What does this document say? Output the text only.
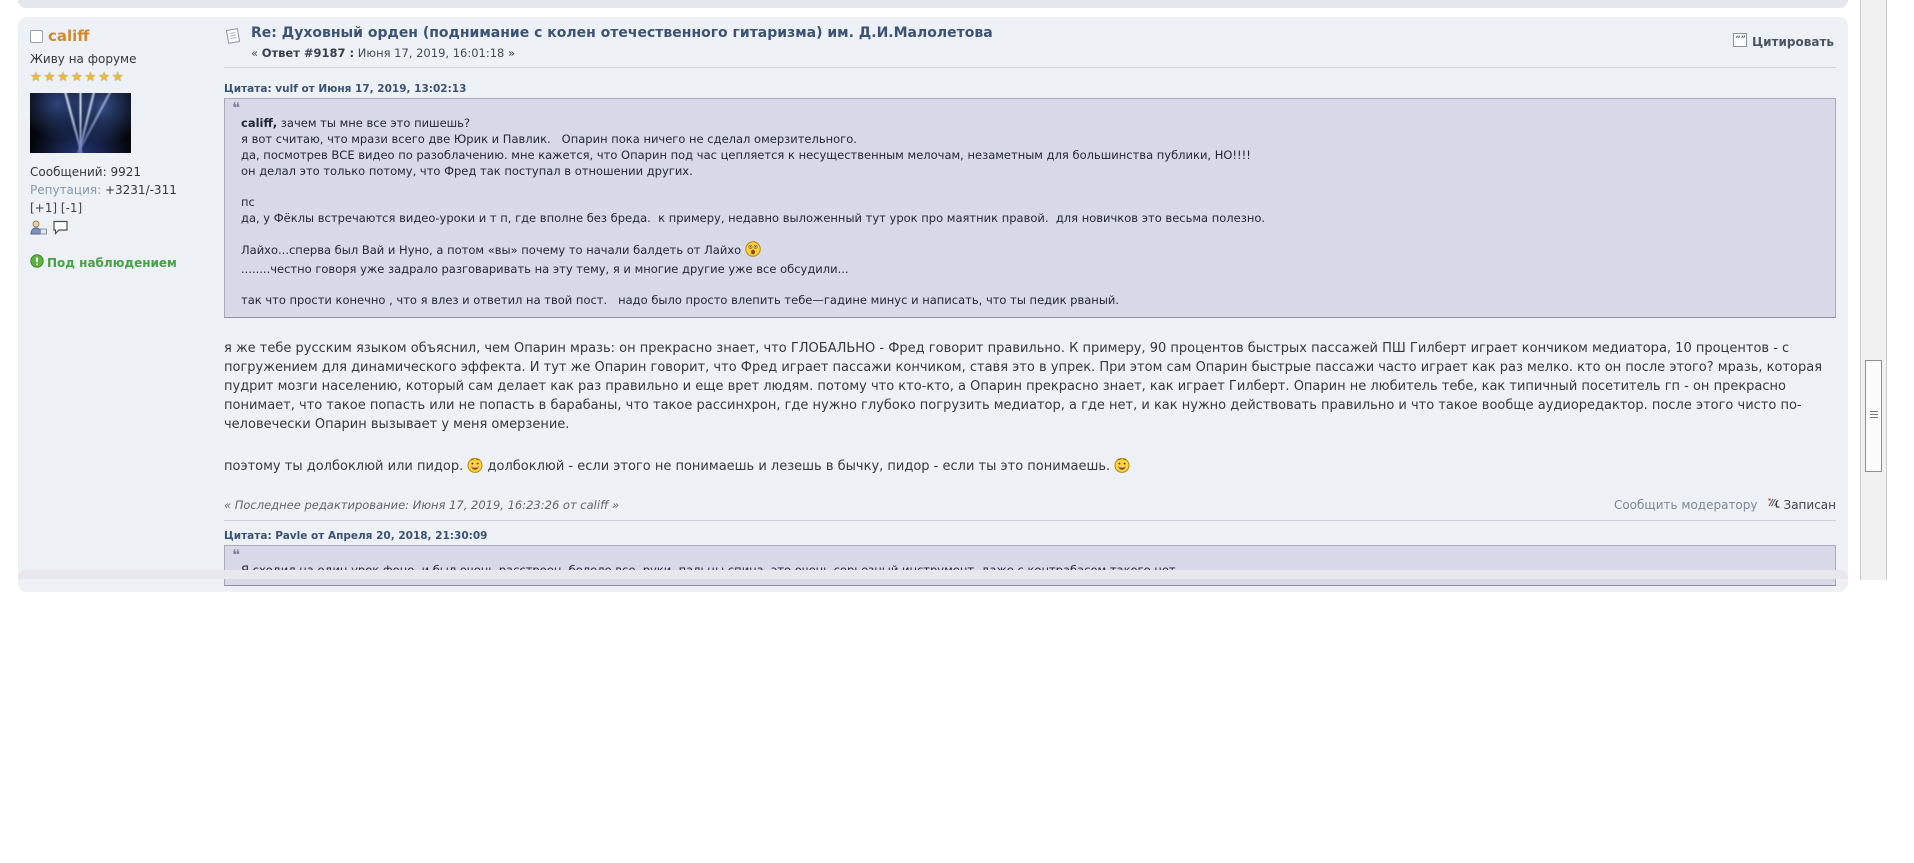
califf
Живу на форуме
★★★★★★★
Сообщений: 9921
Репутация: +3231/-311
[+1] [-1]
Под наблюдением
Re: Духовный орден (поднимание с колен отечественного гитаризма) им. Д.И.Малолетова
« Ответ #9187 : Июня 17, 2019, 16:01:18 »
“” Цитировать
Цитата: vulf от Июня 17, 2019, 13:02:13
❝
califf, зачем ты мне все это пишешь?
я вот считаю, что мрази всего две Юрик и Павлик.   Опарин пока ничего не сделал омерзительного.
да, посмотрев ВСЕ видео по разоблачению. мне кажется, что Опарин под час цепляется к несущественным мелочам, незаметным для большинства публики, НО!!!!
он делал это только потому, что Фред так поступал в отношении других.
пс
да, у Фёклы встречаются видео-уроки и т п, где вполне без бреда.  к примеру, недавно выложенный тут урок про маятник правой.  для новичков это весьма полезно.
Лайхо...сперва был Вай и Нуно, а потом «вы» почему то начали балдеть от Лайхо
........честно говоря уже задрало разговаривать на эту тему, я и многие другие уже все обсудили...
так что прости конечно , что я влез и ответил на твой пост.   надо было просто влепить тебе—гадине минус и написать, что ты педик рваный.
я же тебе русским языком объяснил, чем Опарин мразь: он прекрасно знает, что ГЛОБАЛЬНО - Фред говорит правильно. К примеру, 90 процентов быстрых пассажей ПШ Гилберт играет кончиком медиатора, 10 процентов - с погружением для динамического эффекта. И тут же Опарин говорит, что Фред играет пассажи кончиком, ставя это в упрек. При этом сам Опарин быстрые пассажи часто играет как раз мелко. кто он после этого? мразь, которая пудрит мозги населению, который сам делает как раз правильно и еще врет людям. потому что кто-кто, а Опарин прекрасно знает, как играет Гилберт. Опарин не любитель тебе, как типичный посетитель гп - он прекрасно понимает, что такое попасть или не попасть в барабаны, что такое рассинхрон, где нужно глубоко погрузить медиатор, а где нет, и как нужно действовать правильно и что такое вообще аудиоредактор. после этого чисто по-человечески Опарин вызывает у меня омерзение.
поэтому ты долбоклюй или пидор.  долбоклюй - если этого не понимаешь и лезешь в бычку, пидор - если ты это понимаешь.
« Последнее редактирование: Июня 17, 2019, 16:23:26 от califf »	Сообщить модератору Записан
Цитата: Pavle от Апреля 20, 2018, 21:30:09
❝
